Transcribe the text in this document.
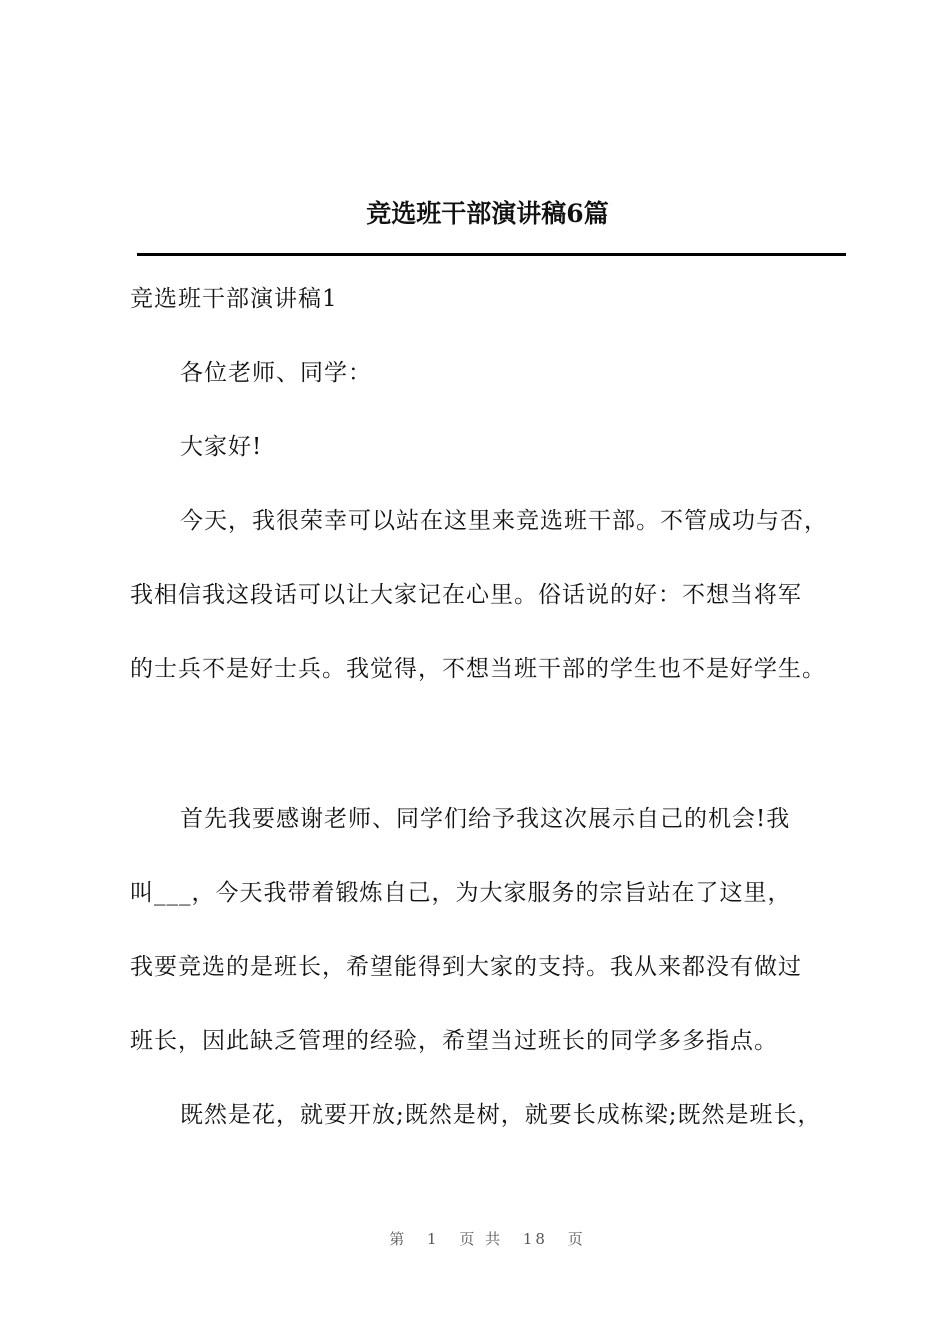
竞选班干部演讲稿6篇
竞选班干部演讲稿1
各位老师、同学：
大家好!
今天，我很荣幸可以站在这里来竞选班干部。不管成功与否，
我相信我这段话可以让大家记在心里。俗话说的好：不想当将军
的士兵不是好士兵。我觉得，不想当班干部的学生也不是好学生。
首先我要感谢老师、同学们给予我这次展示自己的机会!我
叫___，今天我带着锻炼自己，为大家服务的宗旨站在了这里，
我要竞选的是班长，希望能得到大家的支持。我从来都没有做过
班长，因此缺乏管理的经验，希望当过班长的同学多多指点。
既然是花，就要开放;既然是树，就要长成栋梁;既然是班长，
第 1 页 共 18 页
